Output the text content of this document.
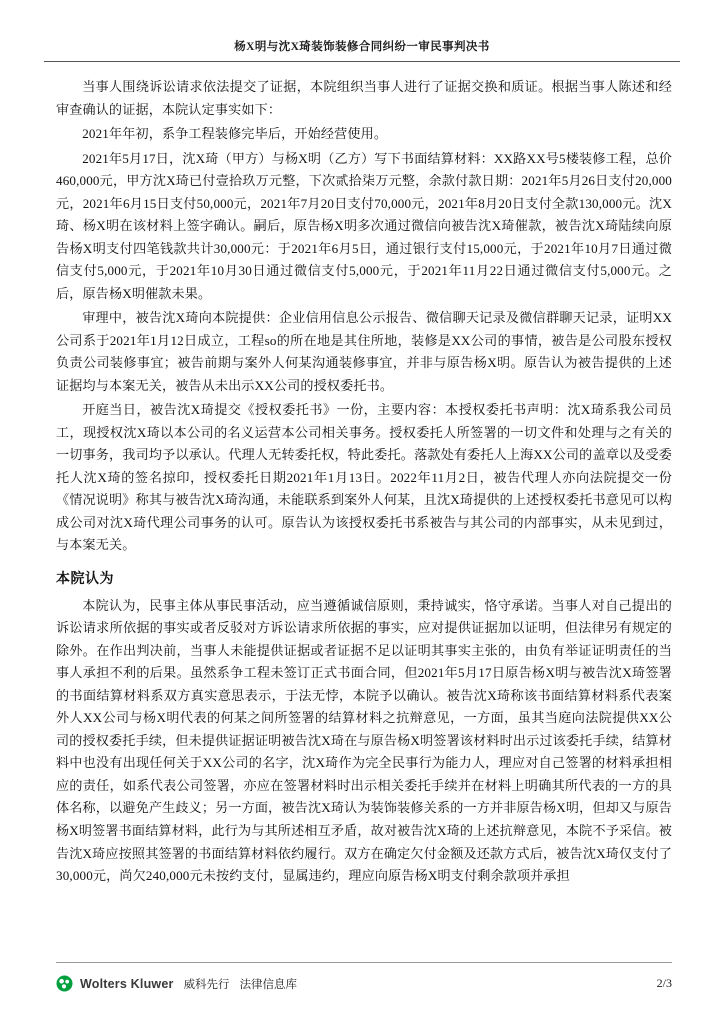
杨X明与沈X琦装饰装修合同纠纷一审民事判决书

当事人围绕诉讼请求依法提交了证据，本院组织当事人进行了证据交换和质证。根据当事人陈述和经审查确认的证据，本院认定事实如下：

2021年年初，系争工程装修完毕后，开始经营使用。

2021年5月17日，沈X琦（甲方）与杨X明（乙方）写下书面结算材料：XX路XX号5楼装修工程，总价460,000元，甲方沈X琦已付壹拾玖万元整，下次贰拾柒万元整，余款付款日期：2021年5月26日支付20,000元，2021年6月15日支付50,000元，2021年7月20日支付70,000元，2021年8月20日支付全款130,000元。沈X琦、杨X明在该材料上签字确认。嗣后，原告杨X明多次通过微信向被告沈X琦催款，被告沈X琦陆续向原告杨X明支付四笔钱款共计30,000元：于2021年6月5日，通过银行支付15,000元，于2021年10月7日通过微信支付5,000元，于2021年10月30日通过微信支付5,000元，于2021年11月22日通过微信支付5,000元。之后，原告杨X明催款未果。

审理中，被告沈X琦向本院提供：企业信用信息公示报告、微信聊天记录及微信群聊天记录，证明XX公司系于2021年1月12日成立，工程so的所在地是其住所地，装修是XX公司的事情，被告是公司股东授权负责公司装修事宜；被告前期与案外人何某沟通装修事宜，并非与原告杨X明。原告认为被告提供的上述证据均与本案无关，被告从未出示XX公司的授权委托书。

开庭当日，被告沈X琦提交《授权委托书》一份，主要内容：本授权委托书声明：沈X琦系我公司员工，现授权沈X琦以本公司的名义运营本公司相关事务。授权委托人所签署的一切文件和处理与之有关的一切事务，我司均予以承认。代理人无转委托权，特此委托。落款处有委托人上海XX公司的盖章以及受委托人沈X琦的签名掠印，授权委托日期2021年1月13日。2022年11月2日，被告代理人亦向法院提交一份《情况说明》称其与被告沈X琦沟通，未能联系到案外人何某，且沈X琦提供的上述授权委托书意见可以构成公司对沈X琦代理公司事务的认可。原告认为该授权委托书系被告与其公司的内部事实，从未见到过，与本案无关。

本院认为

本院认为，民事主体从事民事活动，应当遵循诚信原则，秉持诚实，恪守承诺。当事人对自己提出的诉讼请求所依据的事实或者反驳对方诉讼请求所依据的事实，应对提供证据加以证明，但法律另有规定的除外。在作出判决前，当事人未能提供证据或者证据不足以证明其事实主张的，由负有举证证明责任的当事人承担不利的后果。虽然系争工程未签订正式书面合同，但2021年5月17日原告杨X明与被告沈X琦签署的书面结算材料系双方真实意思表示，于法无悖，本院予以确认。被告沈X琦称该书面结算材料系代表案外人XX公司与杨X明代表的何某之间所签署的结算材料之抗辩意见，一方面，虽其当庭向法院提供XX公司的授权委托手续，但未提供证据证明被告沈X琦在与原告杨X明签署该材料时出示过该委托手续，结算材料中也没有出现任何关于XX公司的名字，沈X琦作为完全民事行为能力人，理应对自己签署的材料承担相应的责任，如系代表公司签署，亦应在签署材料时出示相关委托手续并在材料上明确其所代表的一方的具体名称，以避免产生歧义；另一方面，被告沈X琦认为装饰装修关系的一方并非原告杨X明，但却又与原告杨X明签署书面结算材料，此行为与其所述相互矛盾，故对被告沈X琦的上述抗辩意见，本院不予采信。被告沈X琦应按照其签署的书面结算材料依约履行。双方在确定欠付金额及还款方式后，被告沈X琦仅支付了30,000元，尚欠240,000元未按约支付，显属违约，理应向原告杨X明支付剩余款项并承担

Wolters Kluwer 威科先行 法律信息库	2/3
